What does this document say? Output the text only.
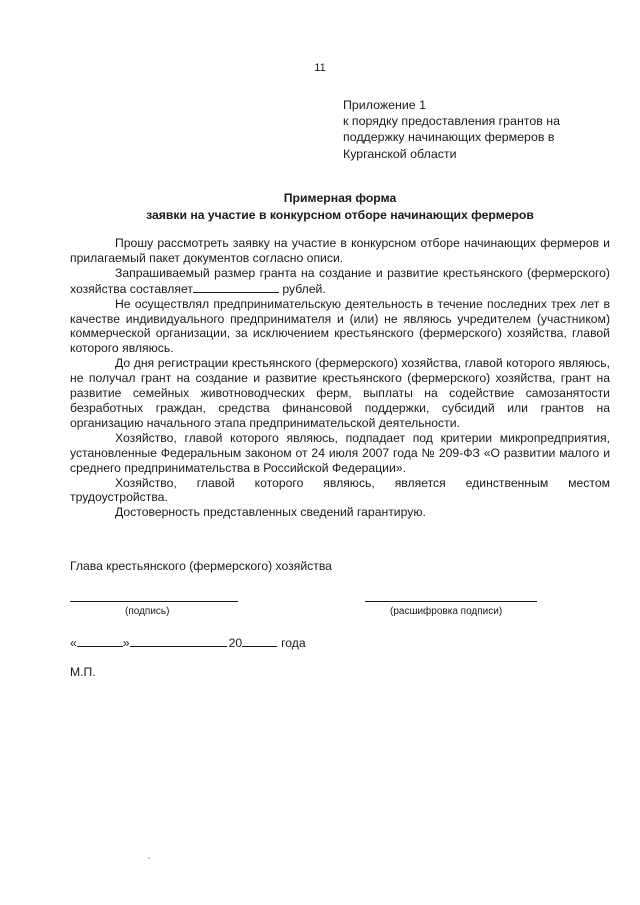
11
Приложение 1
к порядку предоставления грантов на
поддержку начинающих фермеров в
Курганской области
Примерная форма
заявки на участие в конкурсном отборе начинающих фермеров

Прошу рассмотреть заявку на участие в конкурсном отборе начинающих фермеров и прилагаемый пакет документов согласно описи.

Запрашиваемый размер гранта на создание и развитие крестьянского (фермерского) хозяйства составляет	рублей.

Не осуществлял предпринимательскую деятельность в течение последних трех лет в качестве индивидуального предпринимателя и (или) не являюсь учредителем (участником) коммерческой организации, за исключением крестьянского (фермерского) хозяйства, главой которого являюсь.

До дня регистрации крестьянского (фермерского) хозяйства, главой которого являюсь, не получал грант на создание и развитие крестьянского (фермерского) хозяйства, грант на развитие семейных животноводческих ферм, выплаты на содействие самозанятости безработных граждан, средства финансовой поддержки, субсидий или грантов на организацию начального этапа предпринимательской деятельности.

Хозяйство, главой которого являюсь, подпадает под критерии микропредприятия, установленные Федеральным законом от 24 июля 2007 года № 209-ФЗ «О развитии малого и среднего предпринимательства в Российской Федерации».

Хозяйство, главой которого являюсь, является единственным местом трудоустройства.

Достоверность представленных сведений гарантирую.

Глава крестьянского (фермерского) хозяйства
(подпись)	(расшифровка подписи)
«	»	20	года
М.П.
